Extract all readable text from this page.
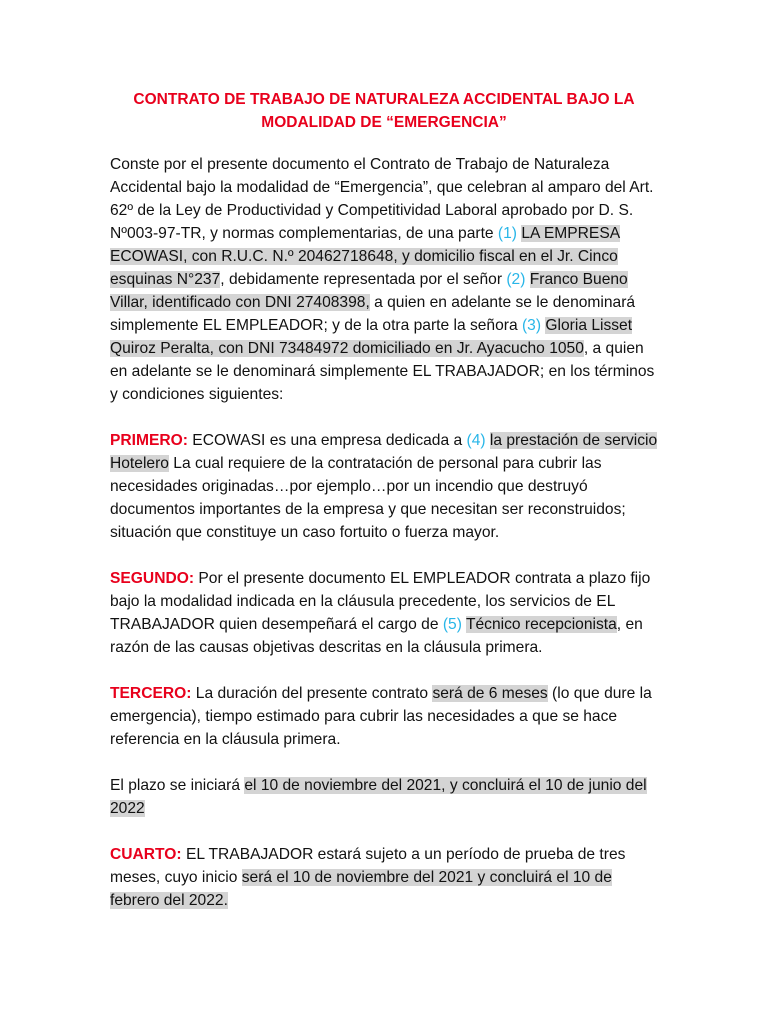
CONTRATO DE TRABAJO DE NATURALEZA ACCIDENTAL BAJO LA MODALIDAD DE “EMERGENCIA”

Conste por el presente documento el Contrato de Trabajo de Naturaleza Accidental bajo la modalidad de “Emergencia”, que celebran al amparo del Art. 62º de la Ley de Productividad y Competitividad Laboral aprobado por D. S. Nº003-97-TR, y normas complementarias, de una parte (1) LA EMPRESA ECOWASI, con R.U.C. N.º 20462718648, y domicilio fiscal en el Jr. Cinco esquinas N°237, debidamente representada por el señor (2) Franco Bueno Villar, identificado con DNI 27408398, a quien en adelante se le denominará simplemente EL EMPLEADOR; y de la otra parte la señora (3) Gloria Lisset Quiroz Peralta, con DNI 73484972 domiciliado en Jr. Ayacucho 1050, a quien en adelante se le denominará simplemente EL TRABAJADOR; en los términos y condiciones siguientes:

PRIMERO: ECOWASI es una empresa dedicada a (4) la prestación de servicio Hotelero La cual requiere de la contratación de personal para cubrir las necesidades originadas…por ejemplo…por un incendio que destruyó documentos importantes de la empresa y que necesitan ser reconstruidos; situación que constituye un caso fortuito o fuerza mayor.

SEGUNDO: Por el presente documento EL EMPLEADOR contrata a plazo fijo bajo la modalidad indicada en la cláusula precedente, los servicios de EL TRABAJADOR quien desempeñará el cargo de (5) Técnico recepcionista, en razón de las causas objetivas descritas en la cláusula primera.

TERCERO: La duración del presente contrato será de 6 meses (lo que dure la emergencia), tiempo estimado para cubrir las necesidades a que se hace referencia en la cláusula primera.

El plazo se iniciará el 10 de noviembre del 2021, y concluirá el 10 de junio del 2022

CUARTO: EL TRABAJADOR estará sujeto a un período de prueba de tres meses, cuyo inicio será el 10 de noviembre del 2021 y concluirá el 10 de febrero del 2022.
